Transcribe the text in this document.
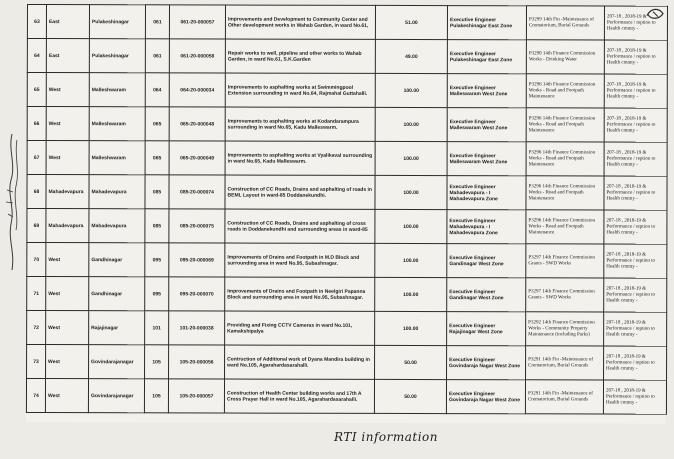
63	East	Pulakeshinagar	061	061-20-000057	Improvements and Development to Community Center and Other development works in Wahab Garden, in ward No.61,	51.00	Executive Engineer Pulakeshinagar East Zone	P3299 14th Fin -Maintenance of Crematorium, Burial Grounds	207-18 , 2018-19 & Performance / reption to Health cmmty -
64	East	Pulakeshinagar	061	061-20-000058	Repair works to well, pipeline and other works to Wahab Garden, in ward No.61, S.K.Garden	49.00	Executive Engineer Pulakeshinagar East Zone	P3290 14th Finance Commission Works - Drinking Water	207-18 , 2018-19 & Performance / reption to Health cmmty -
65	West	Malleshwaram	064	064-20-000034	Improvements to asphalting works at Swimmingpool Extension surrounding in ward No.64, Rajmahal Guttahalli.	100.00	Executive Engineer Malleswaram West Zone	P3296 14th Finance Commission Works - Road and Footpath Maintenance	207-18 , 2018-19 & Performance / reption to Health cmmty -
66	West	Malleshwaram	065	065-20-000048	Improvements to asphalting works at Kodandarampura surrounding in ward No.65, Kadu Malleswarm.	100.00	Executive Engineer Malleswaram West Zone	P3296 14th Finance Commission Works - Road and Footpath Maintenance	207-18 , 2018-19 & Performance / reption to Health cmmty -
67	West	Malleshwaram	065	065-20-000049	Improvements to asphalting works at Vyalikaval surrounding in ward No.65, Kadu Malleswarm.	100.00	Executive Engineer Malleswaram West Zone	P3296 14th Finance Commission Works - Road and Footpath Maintenance	207-18 , 2018-19 & Performance / reption to Health cmmty -
68	Mahadevapura	Mahadevapura	085	085-20-000074	Construction of CC Roads, Drains and asphalting of roads in BEML Layout in ward-85 Doddanekundhi.	100.00	Executive Engineer Mahadevapura - I Mahadevapura Zone	P3296 14th Finance Commission Works - Road and Footpath Maintenance	207-18 , 2018-19 & Performance / reption to Health cmmty -
69	Mahadevapura	Mahadevapura	085	085-20-000075	Construction of CC Roads, Drains and asphalting of cross roads in Doddanekundhi and surrounding areas in ward-85	100.00	Executive Engineer Mahadevapura - I Mahadevapura Zone	P3296 14th Finance Commission Works - Road and Footpath Maintenance	207-18 , 2018-19 & Performance / reption to Health cmmty -
70	West	Gandhinagar	095	095-20-000069	Improvements of Drains and Footpath in M.D Block and surrounding area in ward No.95, Subashnagar.	100.00	Executive Engineer Gandinagar West Zone	P3297 14th Finance Commission Grants - SWD Works	207-18 , 2018-19 & Performance / reption to Health cmmty -
71	West	Gandhinagar	095	095-20-000070	Improvements of Drains and Footpath in Neelgiri Papanna Block and surrounding area in ward No.95, Subashnagar.	100.00	Executive Engineer Gandinagar West Zone	P3297 14th Finance Commission Grants - SWD Works	207-18 , 2018-19 & Performance / reption to Health cmmty -
72	West	Rajajinagar	101	101-20-000038	Providing and Fixing CCTV Cameras in ward No.101, Kamakshipalya	100.00	Executive Engineer Rajajinagar West Zone	P3292 14th Finance Commission Works - Community Property Maintenance (including Parks)	207-18 , 2018-19 & Performance / reption to Health cmmty -
73	West	Govindarajanagar	105	105-20-000056	Contruction of Additional work of Dyana Mandira building in ward No.105, Agarahardasarahalli.	50.00	Executive Engineer Govindaraja Nagar West Zone	P3291 14th Fin -Maintenance of Crematorium, Burial Grounds	207-18 , 2018-19 & Performance / reption to Health cmmty -
74	West	Govindarajanagar	105	105-20-000057	Construction of Health Center building works and 17th A Cross Prayer Hall in ward No.105, Agarahardasarahalli.	50.00	Executive Engineer Govindaraja Nagar West Zone	P3291 14th Fin -Maintenance of Crematorium, Burial Grounds	207-18 , 2018-19 & Performance / reption to Health cmmty -
RTI information
